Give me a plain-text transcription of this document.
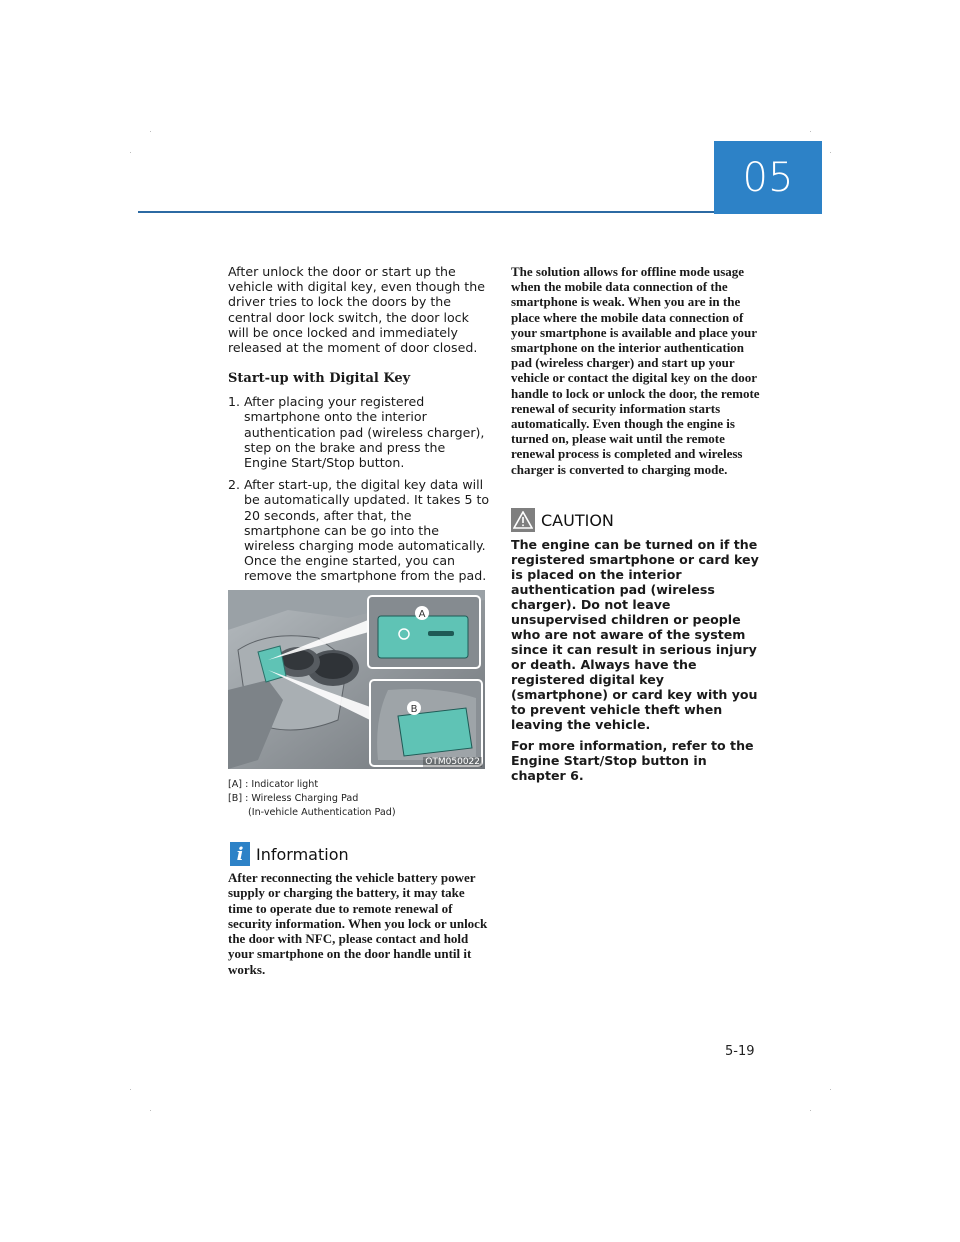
05

After unlock the door or start up the vehicle with digital key, even though the driver tries to lock the doors by the central door lock switch, the door lock will be once locked and immediately released at the moment of door closed.

Start-up with Digital Key
1. After placing your registered smartphone onto the interior authentication pad (wireless charger), step on the brake and press the Engine Start/Stop button.
2. After start-up, the digital key data will be automatically updated. It takes 5 to 20 seconds, after that, the smartphone can be go into the wireless charging mode automatically. Once the engine started, you can remove the smartphone from the pad.
A
B
OTM050022
[A] : Indicator light
[B] : Wireless Charging Pad
(In-vehicle Authentication Pad)
i Information

After reconnecting the vehicle battery power supply or charging the battery, it may take time to operate due to remote renewal of security information. When you lock or unlock the door with NFC, please contact and hold your smartphone on the door handle until it works.

The solution allows for offline mode usage when the mobile data connection of the smartphone is weak. When you are in the place where the mobile data connection of your smartphone is available and place your smartphone on the interior authentication pad (wireless charger) and start up your vehicle or contact the digital key on the door handle to lock or unlock the door, the remote renewal of security information starts automatically. Even though the engine is turned on, please wait until the remote renewal process is completed and wireless charger is converted to charging mode.

CAUTION

The engine can be turned on if the registered smartphone or card key is placed on the interior authentication pad (wireless charger). Do not leave unsupervised children or people who are not aware of the system since it can result in serious injury or death. Always have the registered digital key (smartphone) or card key with you to prevent vehicle theft when leaving the vehicle.

For more information, refer to the Engine Start/Stop button in chapter 6.

5-19
